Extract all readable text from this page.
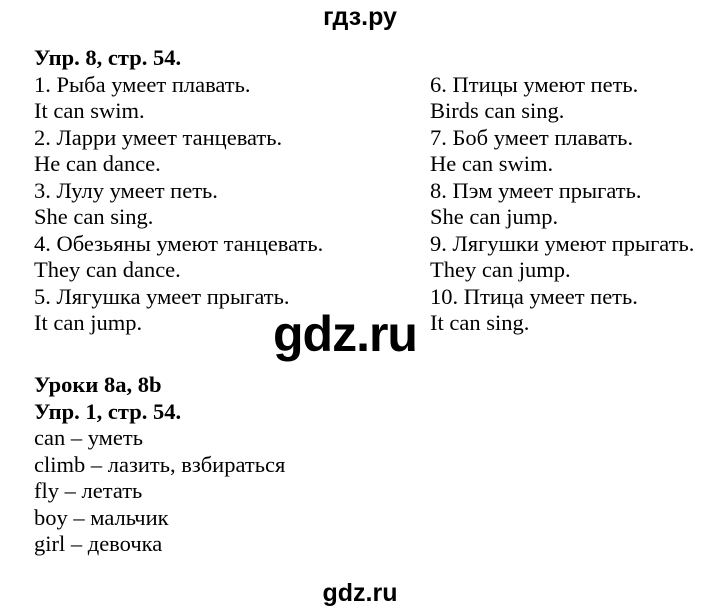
гдз.ру
Упр. 8, стр. 54.
1. Рыба умеет плавать.
It can swim.
2. Ларри умеет танцевать.
He can dance.
3. Лулу умеет петь.
She can sing.
4. Обезьяны умеют танцевать.
They can dance.
5. Лягушка умеет прыгать.
It can jump.
6. Птицы умеют петь.
Birds can sing.
7. Боб умеет плавать.
He can swim.
8. Пэм умеет прыгать.
She can jump.
9. Лягушки умеют прыгать.
They can jump.
10. Птица умеет петь.
It can sing.
gdz.ru
Уроки 8a, 8b
Упр. 1, стр. 54.
can – уметь
climb – лазить, взбираться
fly – летать
boy – мальчик
girl – девочка
gdz.ru
